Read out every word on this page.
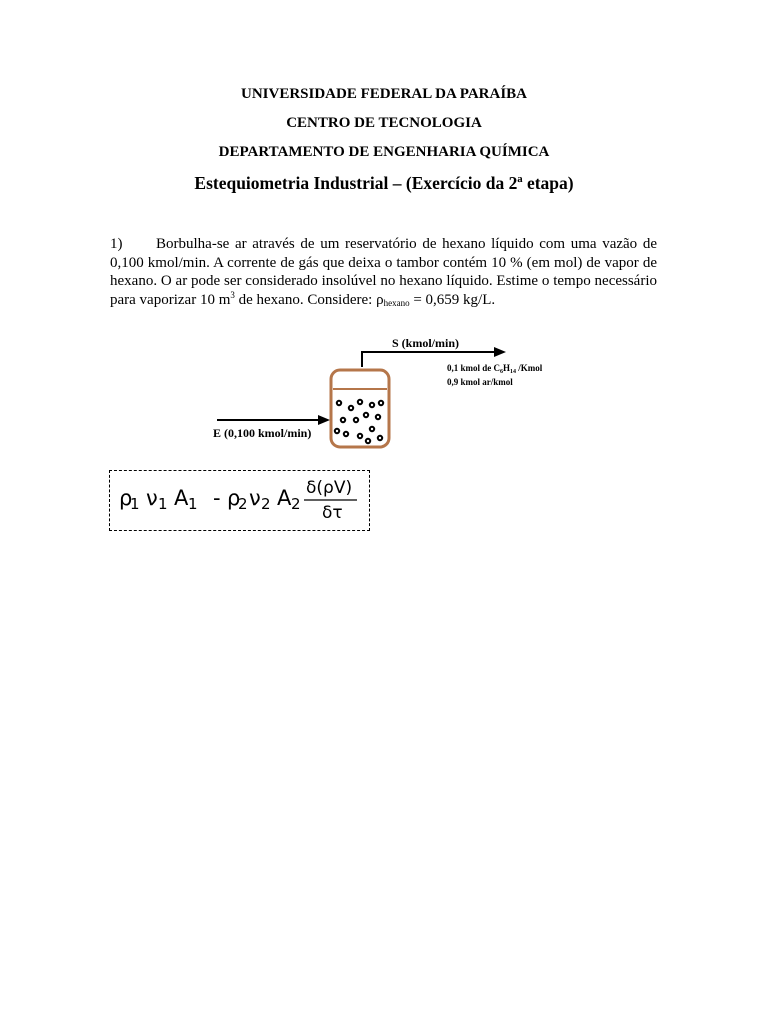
UNIVERSIDADE FEDERAL DA PARAÍBA
CENTRO DE TECNOLOGIA
DEPARTAMENTO DE ENGENHARIA QUÍMICA
Estequiometria Industrial – (Exercício da 2ª etapa)
1) Borbulha-se ar através de um reservatório de hexano líquido com uma vazão de 0,100 kmol/min. A corrente de gás que deixa o tambor contém 10 % (em mol) de vapor de hexano. O ar pode ser considerado insolúvel no hexano líquido. Estime o tempo necessário para vaporizar 10 $m^3$ de hexano. Considere: $\rho_{hexano} = 0,659$ kg/L.
S (kmol/min)
0,1 kmol de $C_6H_{14}$ /Kmol
0,9 kmol ar/kmol
E (0,100 kmol/min)
ρ
1 ν 1 A 1 - ρ
2 ν 2 A 2
δ(ρV)
δτ
